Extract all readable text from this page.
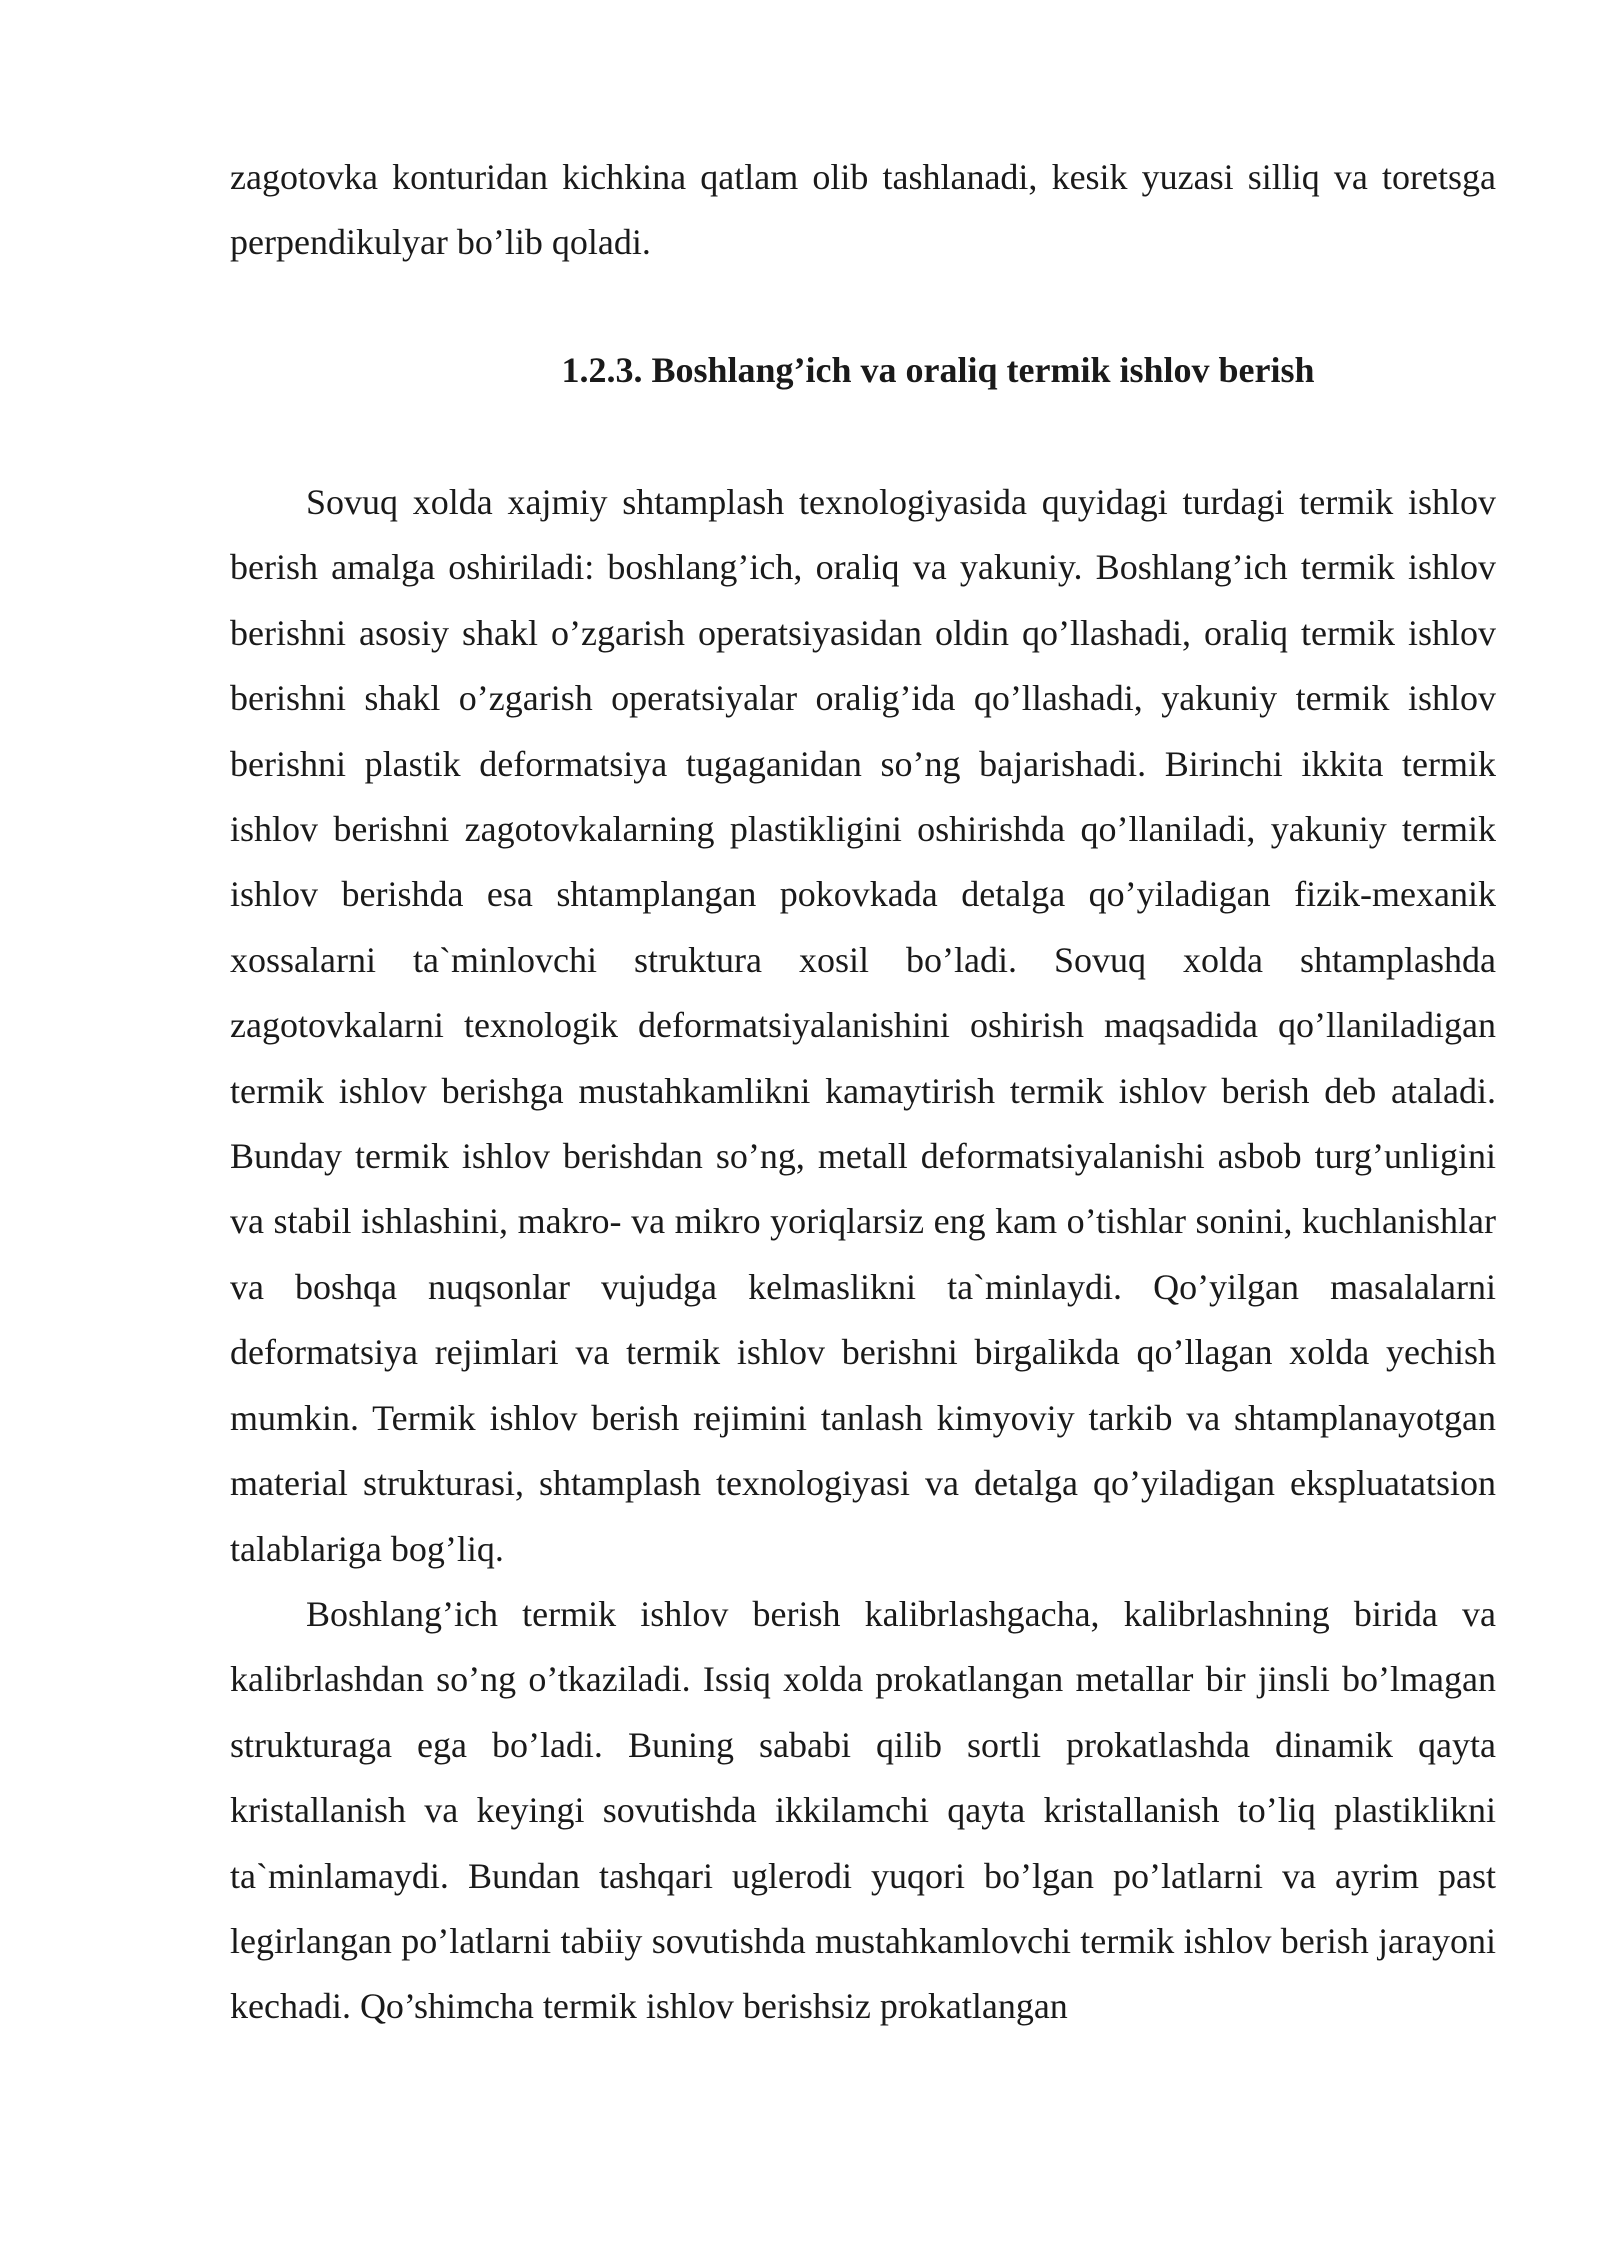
zagotovka konturidan kichkina qatlam olib tashlanadi, kesik yuzasi silliq va toretsga perpendikulyar bo’lib qoladi.
1.2.3. Boshlang’ich va oraliq termik ishlov berish

Sovuq xolda xajmiy shtamplash texnologiyasida quyidagi turdagi termik ishlov berish amalga oshiriladi: boshlang’ich, oraliq va yakuniy. Boshlang’ich termik ishlov berishni asosiy shakl o’zgarish operatsiyasidan oldin qo’llashadi, oraliq termik ishlov berishni shakl o’zgarish operatsiyalar oralig’ida qo’llashadi, yakuniy termik ishlov berishni plastik deformatsiya tugaganidan so’ng bajarishadi. Birinchi ikkita termik ishlov berishni zagotovkalarning plastikligini oshirishda qo’llaniladi, yakuniy termik ishlov berishda esa shtamplangan pokovkada detalga qo’yiladigan fizik-mexanik xossalarni ta`minlovchi struktura xosil bo’ladi. Sovuq xolda shtamplashda zagotovkalarni texnologik deformatsiyalanishini oshirish maqsadida qo’llaniladigan termik ishlov berishga mustahkamlikni kamaytirish termik ishlov berish deb ataladi. Bunday termik ishlov berishdan so’ng, metall deformatsiyalanishi asbob turg’unligini va stabil ishlashini, makro- va mikro yoriqlarsiz eng kam o’tishlar sonini, kuchlanishlar va boshqa nuqsonlar vujudga kelmaslikni ta`minlaydi. Qo’yilgan masalalarni deformatsiya rejimlari va termik ishlov berishni birgalikda qo’llagan xolda yechish mumkin. Termik ishlov berish rejimini tanlash kimyoviy tarkib va shtamplanayotgan material strukturasi, shtamplash texnologiyasi va detalga qo’yiladigan ekspluatatsion talablariga bog’liq.

Boshlang’ich termik ishlov berish kalibrlashgacha, kalibrlashning birida va kalibrlashdan so’ng o’tkaziladi. Issiq xolda prokatlangan metallar bir jinsli bo’lmagan strukturaga ega bo’ladi. Buning sababi qilib sortli prokatlashda dinamik qayta kristallanish va keyingi sovutishda ikkilamchi qayta kristallanish to’liq plastiklikni ta`minlamaydi. Bundan tashqari uglerodi yuqori bo’lgan po’latlarni va ayrim past legirlangan po’latlarni tabiiy sovutishda mustahkamlovchi termik ishlov berish jarayoni kechadi. Qo’shimcha termik ishlov berishsiz prokatlangan
